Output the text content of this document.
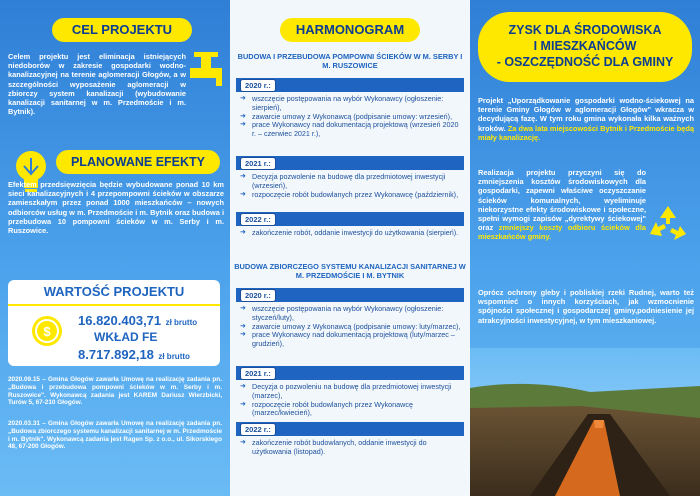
CEL PROJEKTU
Celem projektu jest eliminacja istniejących niedoborów w zakresie gospodarki wodno-kanalizacyjnej na terenie aglomeracji Głogów, a w szczególności wyposażenie aglomeracji w zbiorczy system kanalizacji (wybudowanie kanalizacji sanitarnej w m. Przedmoście i m. Bytnik).
PLANOWANE EFEKTY
Efektem przedsięwzięcia będzie wybudowane ponad 10 km sieci kanalizacyjnych i 4 przepompowni ścieków w obszarze zamieszkałym przez ponad 1000 mieszkańców – nowych odbiorców usług w m. Przedmoście i m. Bytnik oraz budowa i przebudowa 10 pompowni ścieków w m. Serby i m. Ruszowice.
WARTOŚĆ PROJEKTU
$
16.820.403,71 zł brutto
WKŁAD FE
8.717.892,18 zł brutto
2020.09.15 – Gmina Głogów zawarła Umowę na realizację zadania pn. „Budowa i przebudowa pompowni ścieków w m. Serby i m. Ruszowice". Wykonawcą zadania jest KAREM Dariusz Wierzbicki, Turów 5, 67-210 Głogów.
2020.03.31 – Gmina Głogów zawarła Umowę na realizację zadania pn. „Budowa zbiorczego systemu kanalizacji sanitarnej w m. Przedmoście i m. Bytnik". Wykonawcą zadania jest Ragen Sp. z o.o., ul. Sikorskiego 48, 67-200 Głogów.
HARMONOGRAM
BUDOWA I PRZEBUDOWA POMPOWNI ŚCIEKÓW W M. SERBY I M. RUSZOWICE
2020 r.:
➜ wszczęcie postępowania na wybór Wykonawcy (ogłoszenie: sierpień),
➜ zawarcie umowy z Wykonawcą (podpisanie umowy: wrzesień),
➜ prace Wykonawcy nad dokumentacją projektową (wrzesień 2020 r. – czerwiec 2021 r.),
2021 r.:
➜ Decyzja pozwolenie na budowę dla przedmiotowej inwestycji (wrzesień),
➜ rozpoczęcie robót budowlanych przez Wykonawcę (październik),
2022 r.:
➜ zakończenie robót, oddanie inwestycji do użytkowania (sierpień).
BUDOWA ZBIORCZEGO SYSTEMU KANALIZACJI SANITARNEJ W M. PRZEDMOŚCIE I M. BYTNIK
2020 r.:
➜ wszczęcie postępowania na wybór Wykonawcy (ogłoszenie: styczeń/luty),
➜ zawarcie umowy z Wykonawcą (podpisanie umowy: luty/marzec),
➜ prace Wykonawcy nad dokumentacją projektową (luty/marzec – grudzień),
2021 r.:
➜ Decyzja o pozwoleniu na budowę dla przedmiotowej inwestycji (marzec),
➜ rozpoczęcie robót budowlanych przez Wykonawcę (marzec/kwiecień),
2022 r.:
➜ zakończenie robót budowlanych, oddanie inwestycji do użytkowania (listopad).
ZYSK DLA ŚRODOWISKA
I MIESZKAŃCÓW
- OSZCZĘDNOŚĆ DLA GMINY
Projekt „Uporządkowanie gospodarki wodno-ściekowej na terenie Gminy Głogów w aglomeracji Głogów" wkracza w decydującą fazę. W tym roku gmina wykonała kilka ważnych kroków. Za dwa lata miejscowości Bytnik i Przedmoście będą miały kanalizację.
Realizacja projektu przyczyni się do zmniejszenia kosztów środowiskowych dla gospodarki, zapewni właściwe oczyszczanie ścieków komunalnych, wyeliminuje niekorzystne efekty środowiskowe i społeczne, spełni wymogi zapisów „dyrektywy ściekowej" oraz zmniejszy koszty odbioru ścieków dla mieszkańców gminy.
Oprócz ochrony gleby i pobliskiej rzeki Rudnej, warto też wspomnieć o innych korzyściach, jak wzmocnienie spójności społecznej i gospodarczej gminy,podniesienie jej atrakcyjności inwestycyjnej, w tym mieszkaniowej.
